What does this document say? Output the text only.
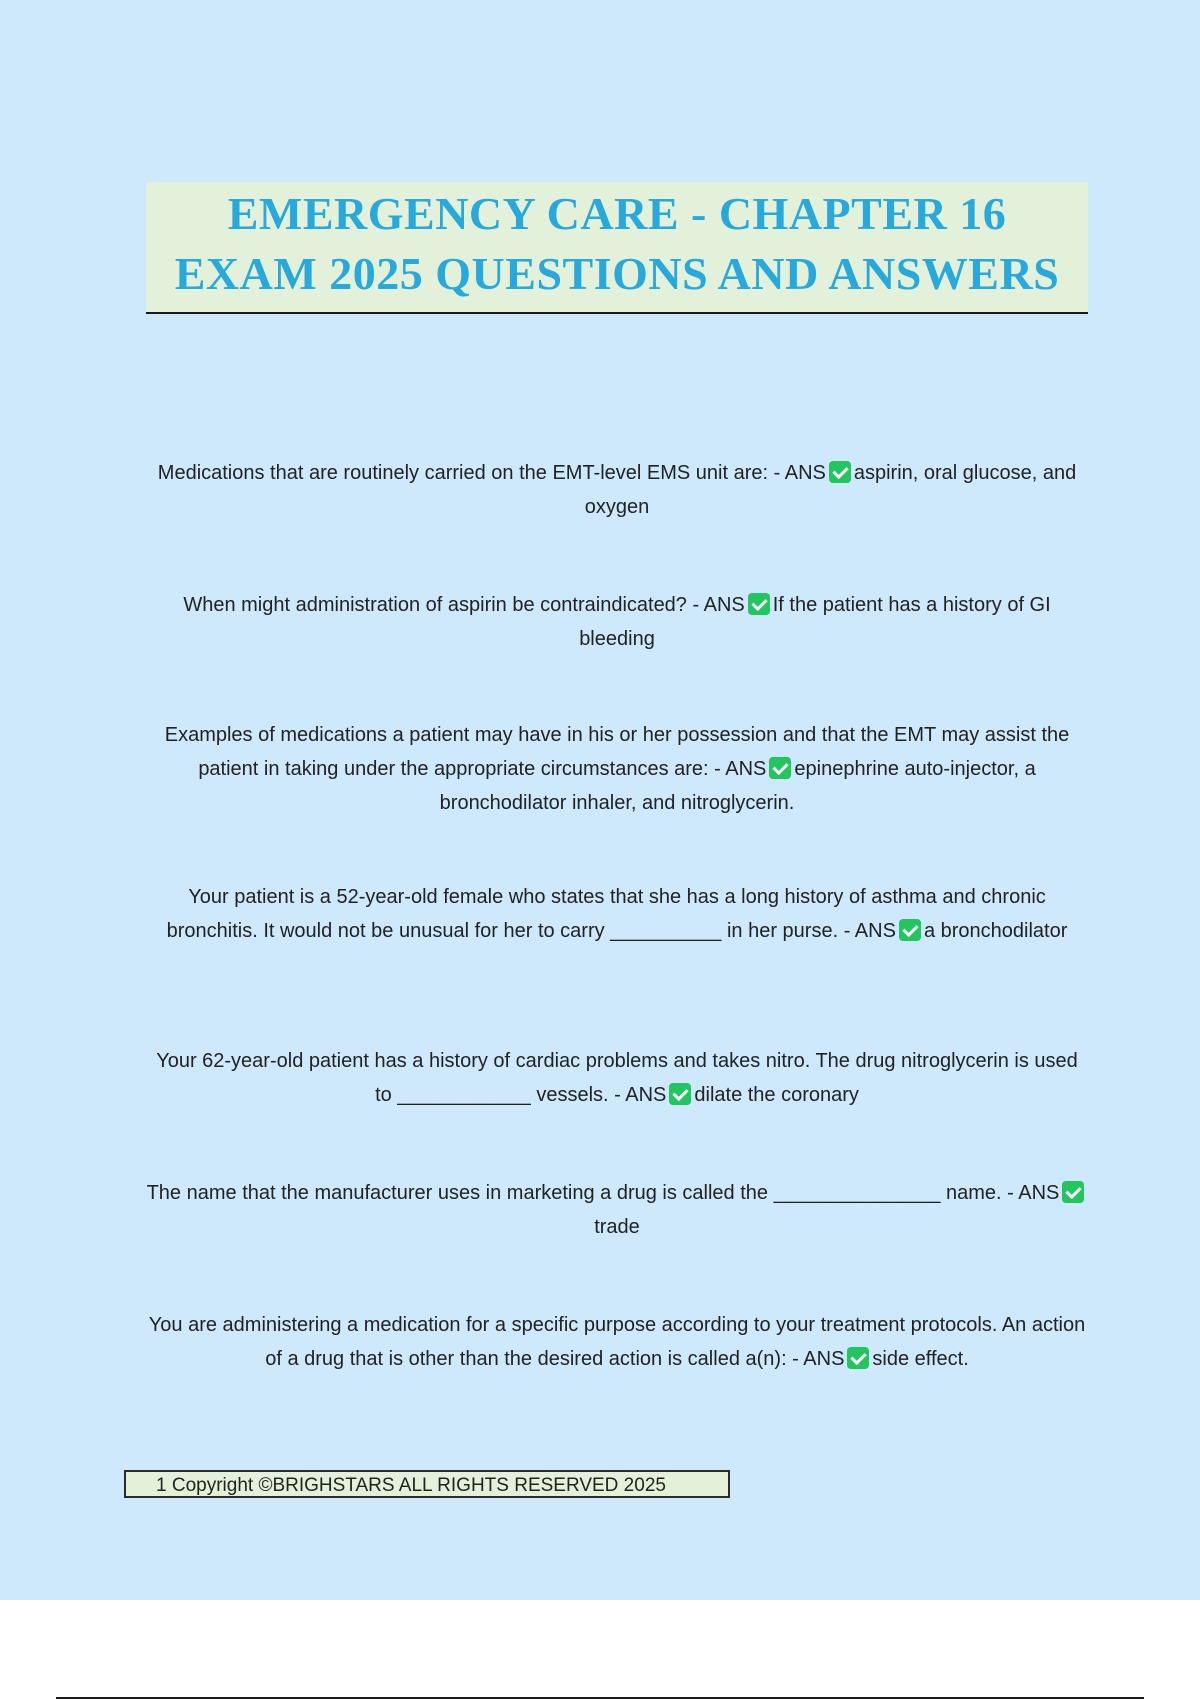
EMERGENCY CARE - CHAPTER 16
EXAM 2025 QUESTIONS AND ANSWERS

Medications that are routinely carried on the EMT-level EMS unit are: - ANS aspirin, oral glucose, and oxygen

When might administration of aspirin be contraindicated? - ANS If the patient has a history of GI bleeding

Examples of medications a patient may have in his or her possession and that the EMT may assist the patient in taking under the appropriate circumstances are: - ANS epinephrine auto-injector, a bronchodilator inhaler, and nitroglycerin.

Your patient is a 52-year-old female who states that she has a long history of asthma and chronic bronchitis. It would not be unusual for her to carry __________ in her purse. - ANS a bronchodilator

Your 62-year-old patient has a history of cardiac problems and takes nitro. The drug nitroglycerin is used to ____________ vessels. - ANS dilate the coronary

The name that the manufacturer uses in marketing a drug is called the _______________ name. - ANStrade

You are administering a medication for a specific purpose according to your treatment protocols. An action of a drug that is other than the desired action is called a(n): - ANS side effect.

1 Copyright ©BRIGHSTARS ALL RIGHTS RESERVED 2025
